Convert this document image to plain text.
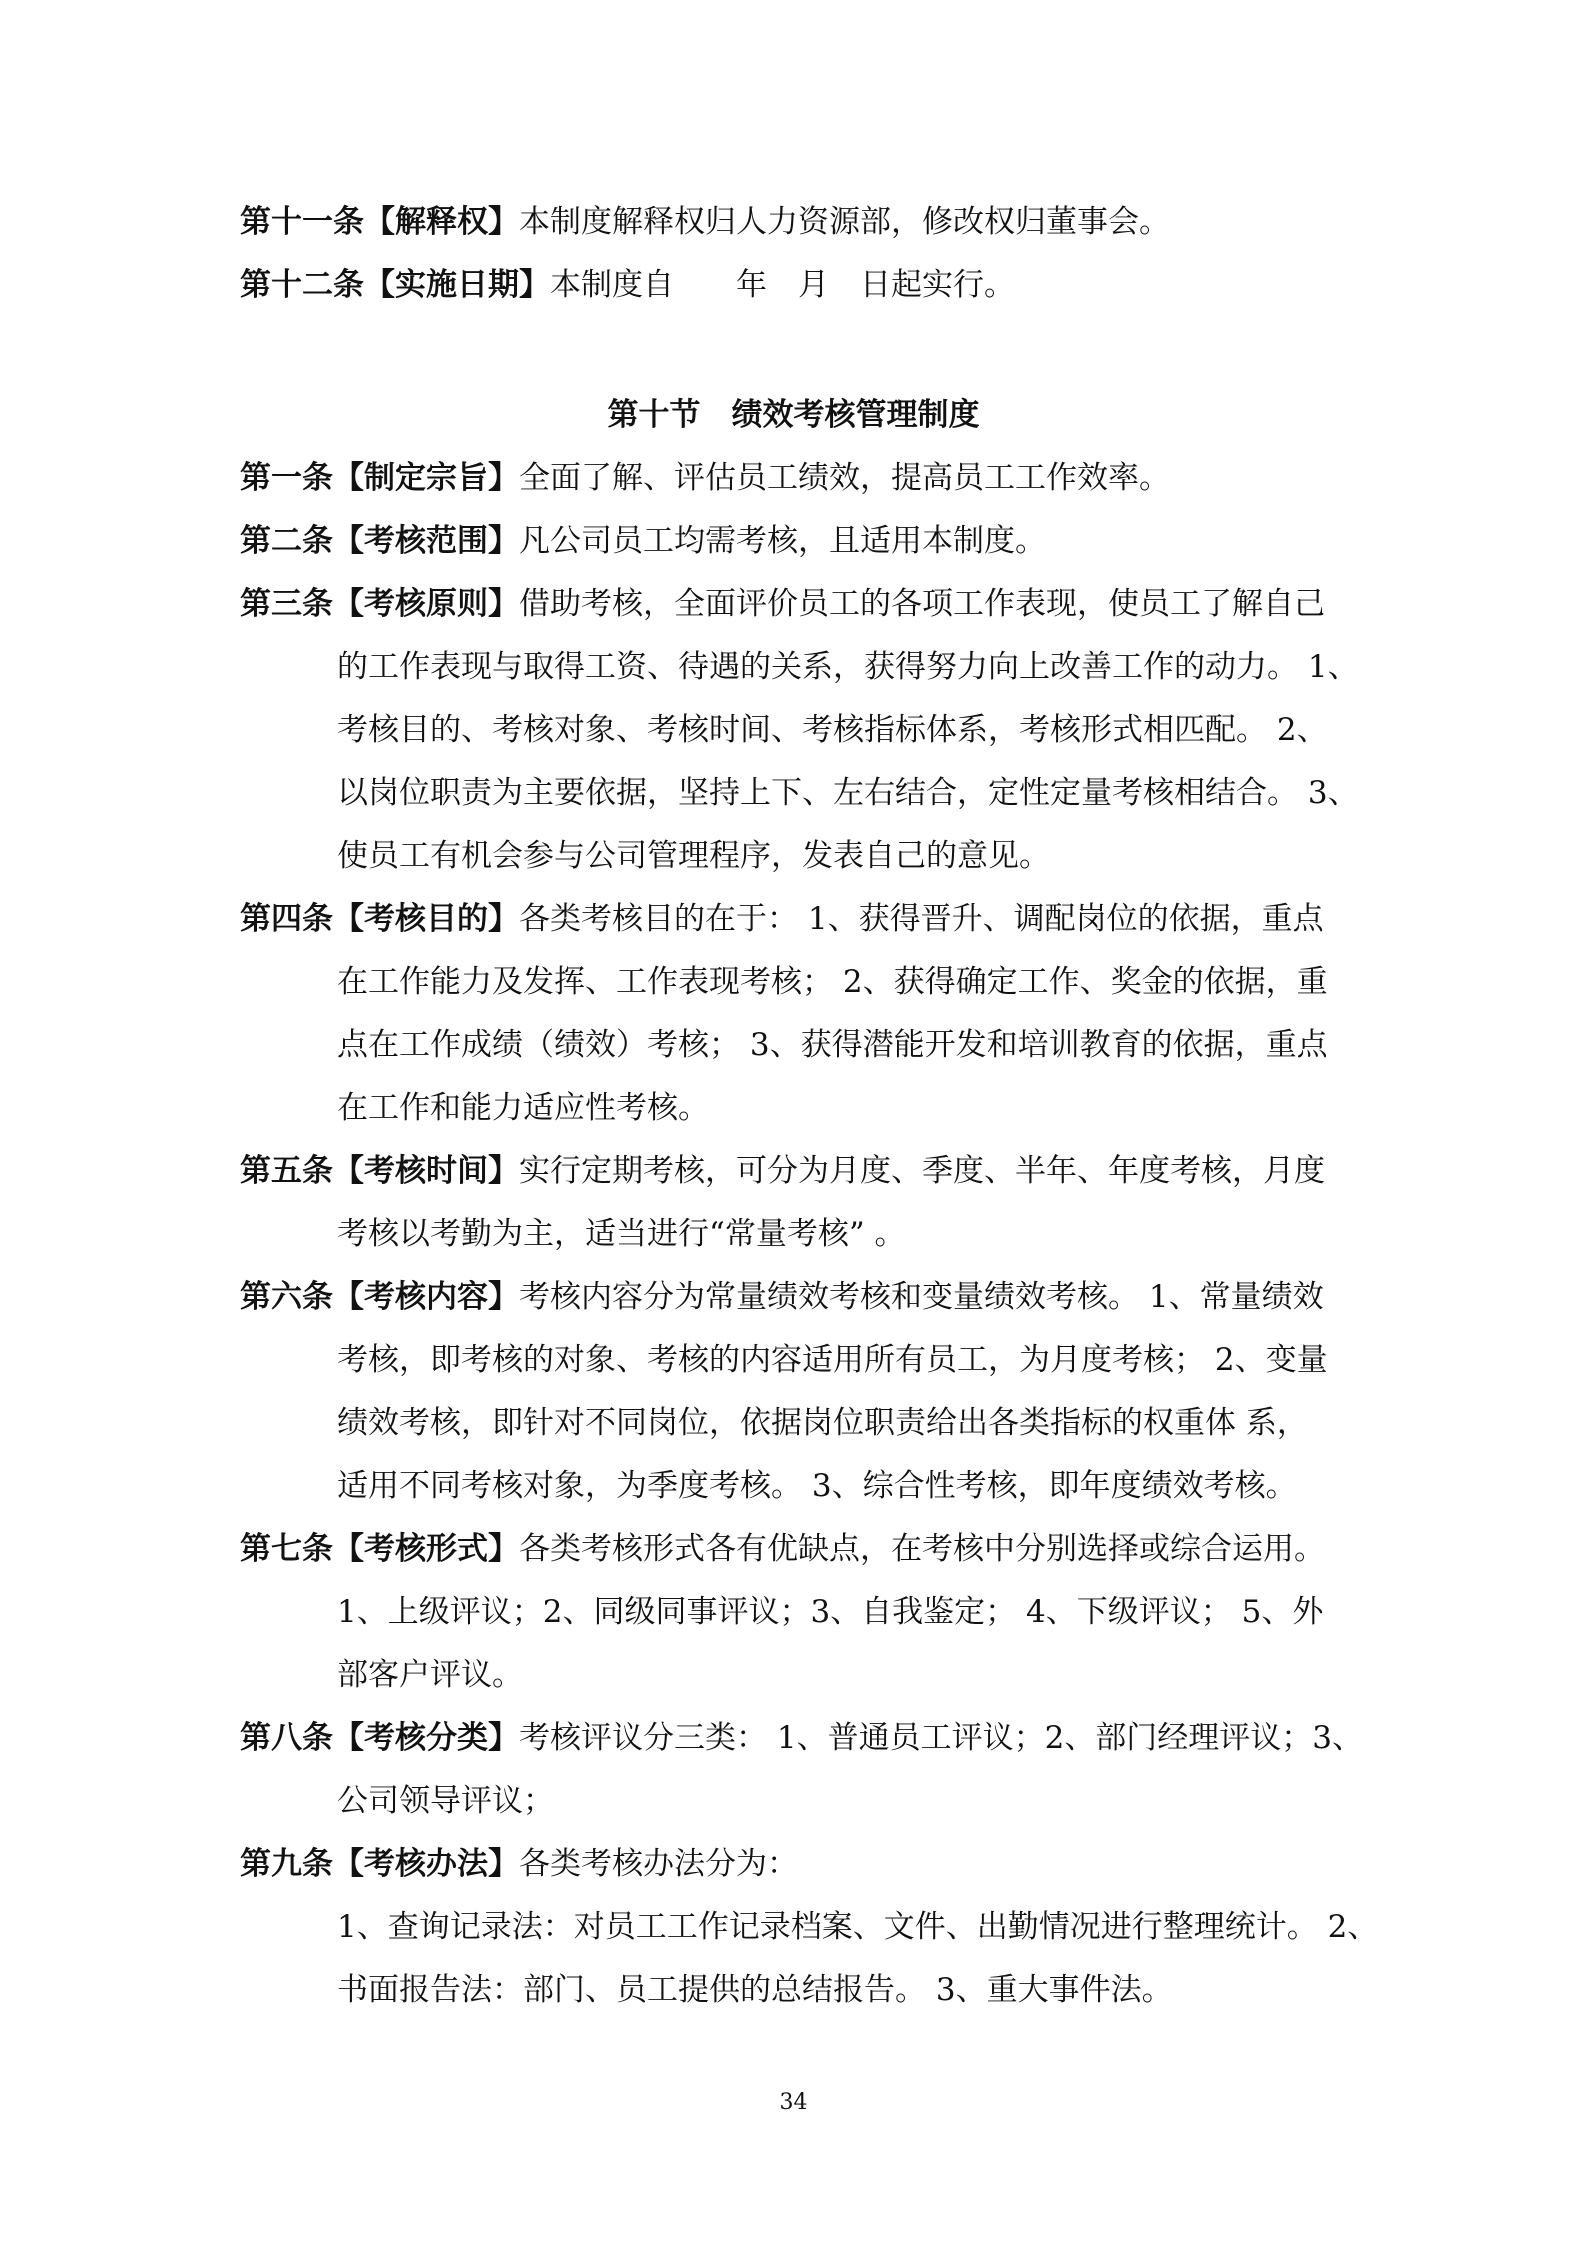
第十一条【解释权】本制度解释权归人力资源部，修改权归董事会。
第十二条【实施日期】本制度自　　年　月　日起实行。
第十节　绩效考核管理制度
第一条【制定宗旨】全面了解、评估员工绩效，提高员工工作效率。
第二条【考核范围】凡公司员工均需考核，且适用本制度。
第三条【考核原则】借助考核，全面评价员工的各项工作表现，使员工了解自己
的工作表现与取得工资、待遇的关系，获得努力向上改善工作的动力。 1、
考核目的、考核对象、考核时间、考核指标体系，考核形式相匹配。 2、
以岗位职责为主要依据，坚持上下、左右结合，定性定量考核相结合。 3、
使员工有机会参与公司管理程序，发表自己的意见。
第四条【考核目的】各类考核目的在于： 1、获得晋升、调配岗位的依据，重点
在工作能力及发挥、工作表现考核； 2、获得确定工作、奖金的依据，重
点在工作成绩（绩效）考核； 3、获得潜能开发和培训教育的依据，重点
在工作和能力适应性考核。
第五条【考核时间】实行定期考核，可分为月度、季度、半年、年度考核，月度
考核以考勤为主，适当进行“常量考核” 。
第六条【考核内容】考核内容分为常量绩效考核和变量绩效考核。 1、常量绩效
考核，即考核的对象、考核的内容适用所有员工，为月度考核； 2、变量
绩效考核，即针对不同岗位，依据岗位职责给出各类指标的权重体 系，
适用不同考核对象，为季度考核。 3、综合性考核，即年度绩效考核。
第七条【考核形式】各类考核形式各有优缺点，在考核中分别选择或综合运用。
1、上级评议；2、同级同事评议；3、自我鉴定； 4、下级评议； 5、外
部客户评议。
第八条【考核分类】考核评议分三类： 1、普通员工评议；2、部门经理评议；3、
公司领导评议；
第九条【考核办法】各类考核办法分为：
1、查询记录法：对员工工作记录档案、文件、出勤情况进行整理统计。 2、
书面报告法：部门、员工提供的总结报告。 3、重大事件法。
34
